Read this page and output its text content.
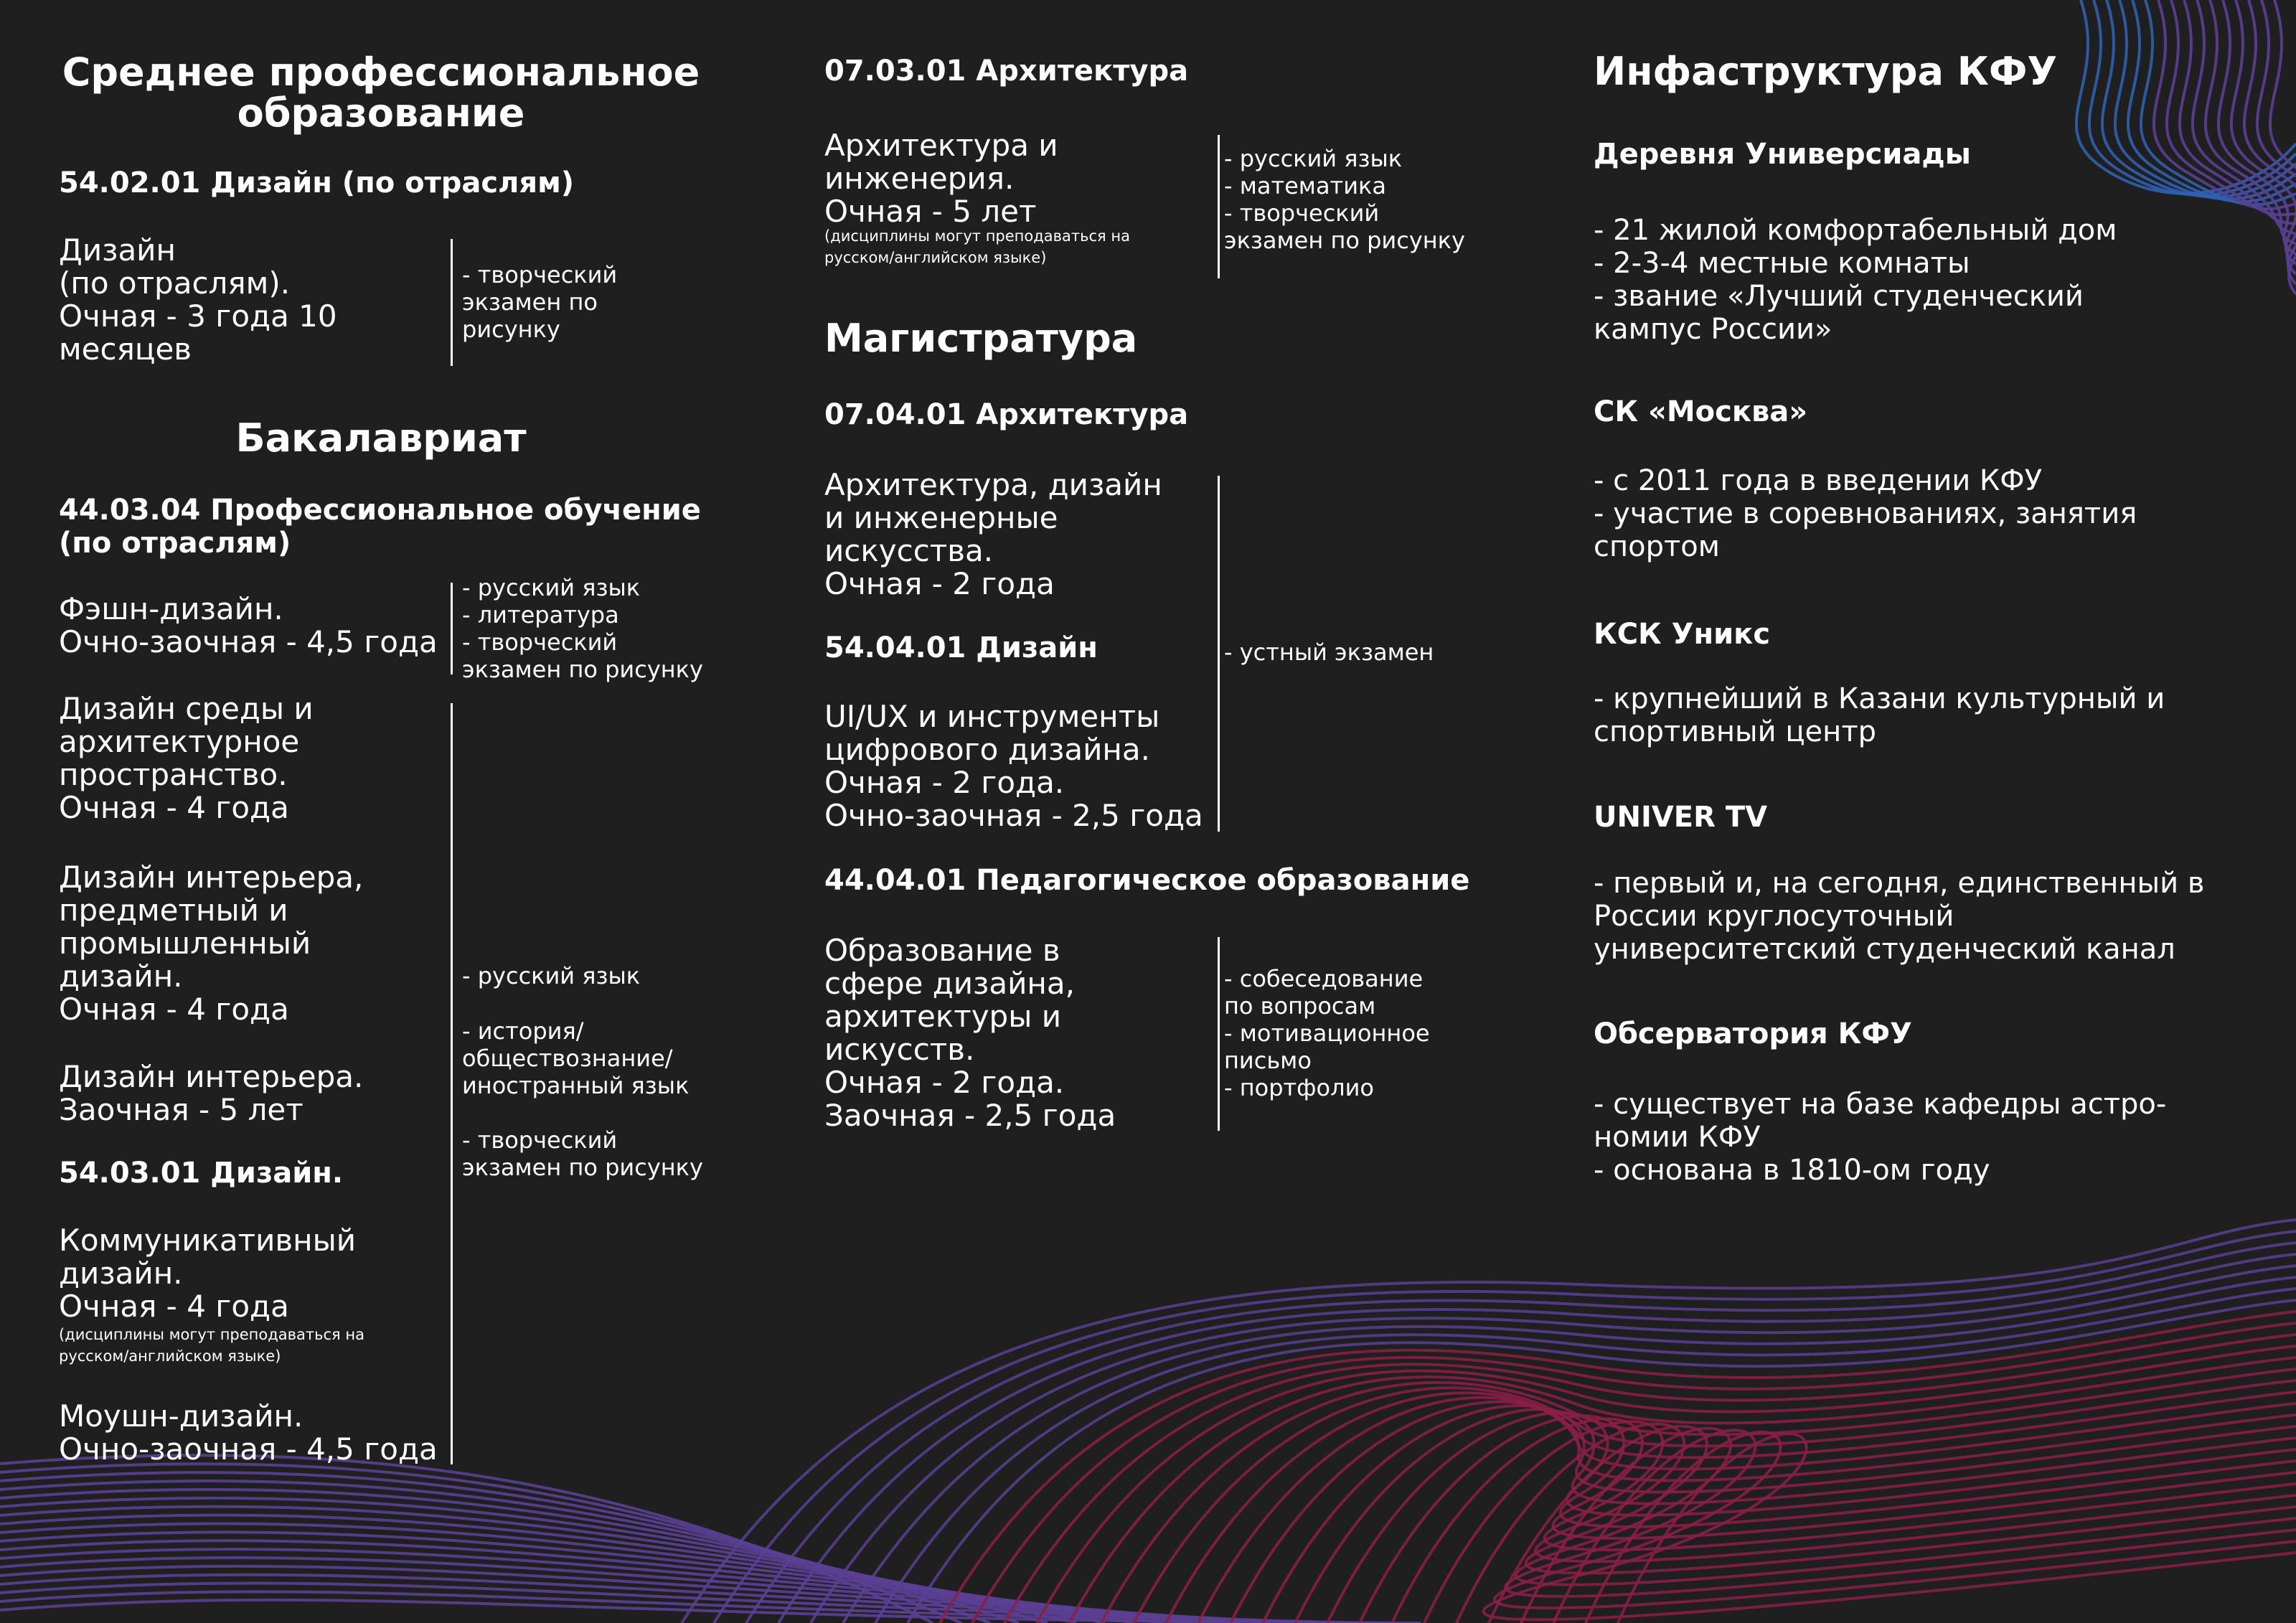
Среднее профессиональное
образование
54.02.01 Дизайн (по отраслям)
Дизайн
(по отраслям).
Очная - 3 года 10
месяцев
- творческий
экзамен по
рисунку
Бакалавриат
44.03.04 Профессиональное обучение
(по отраслям)
Фэшн-дизайн.
Очно-заочная - 4,5 года
- русский язык
- литература
- творческий
экзамен по рисунку
Дизайн среды и
архитектурное
пространство.
Очная - 4 года
Дизайн интерьера,
предметный и
промышленный
дизайн.
Очная - 4 года
Дизайн интерьера.
Заочная - 5 лет
54.03.01 Дизайн.
Коммуникативный
дизайн.
Очная - 4 года
(дисциплины могут преподаваться на
русском/английском языке)
Моушн-дизайн.
Очно-заочная - 4,5 года
- русский язык
- история/
обществознание/
иностранный язык
- творческий
экзамен по рисунку
07.03.01 Архитектура
Архитектура и
инженерия.
Очная - 5 лет
(дисциплины могут преподаваться на
русском/английском языке)
- русский язык
- математика
- творческий
экзамен по рисунку
Магистратура
07.04.01 Архитектура
Архитектура, дизайн
и инженерные
искусства.
Очная - 2 года
54.04.01 Дизайн
UI/UX и инструменты
цифрового дизайна.
Очная - 2 года.
Очно-заочная - 2,5 года
- устный экзамен
44.04.01 Педагогическое образование
Образование в
сфере дизайна,
архитектуры и
искусств.
Очная - 2 года.
Заочная - 2,5 года
- собеседование
по вопросам
- мотивационное
письмо
- портфолио
Инфаструктура КФУ
Деревня Универсиады
- 21 жилой комфортабельный дом
- 2-3-4 местные комнаты
- звание «Лучший студенческий
кампус России»
СК «Москва»
- с 2011 года в введении КФУ
- участие в соревнованиях, занятия
спортом
КСК Уникс
- крупнейший в Казани культурный и
спортивный центр
UNIVER TV
- первый и, на сегодня, единственный в
России круглосуточный
университетский студенческий канал
Обсерватория КФУ
- существует на базе кафедры астро-
номии КФУ
- основана в 1810-ом году
